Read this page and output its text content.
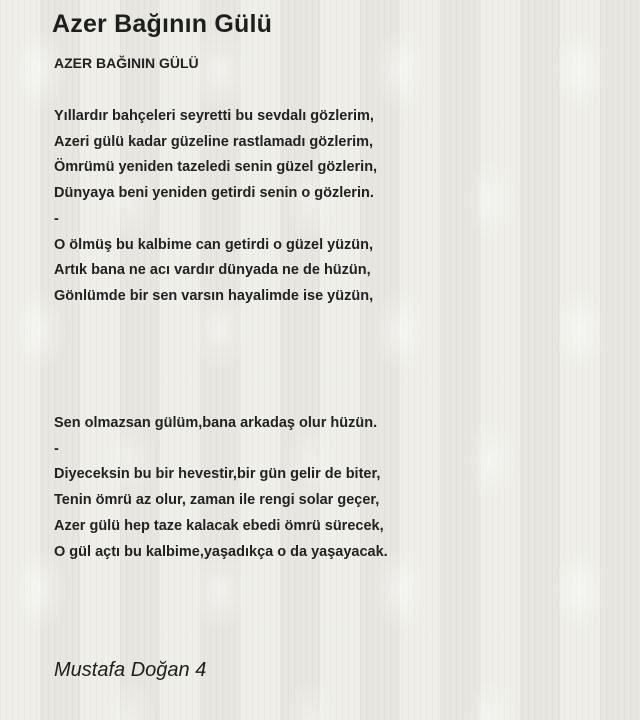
Azer Bağının Gülü
AZER BAĞININ GÜLÜ
Yıllardır bahçeleri seyretti bu sevdalı gözlerim,
Azeri gülü kadar güzeline rastlamadı gözlerim,
Ömrümü yeniden tazeledi senin güzel gözlerin,
Dünyaya beni yeniden getirdi senin o gözlerin.
-
O ölmüş bu kalbime can getirdi o güzel yüzün,
Artık bana ne acı vardır dünyada ne de hüzün,
Gönlümde bir sen varsın hayalimde ise yüzün,
Sen olmazsan gülüm,bana arkadaş olur hüzün.
-
Diyeceksin bu bir hevestir,bir gün gelir de biter,
Tenin ömrü az olur, zaman ile rengi solar geçer,
Azer gülü hep taze kalacak ebedi ömrü sürecek,
O gül açtı bu kalbime,yaşadıkça o da yaşayacak.
Mustafa Doğan 4
